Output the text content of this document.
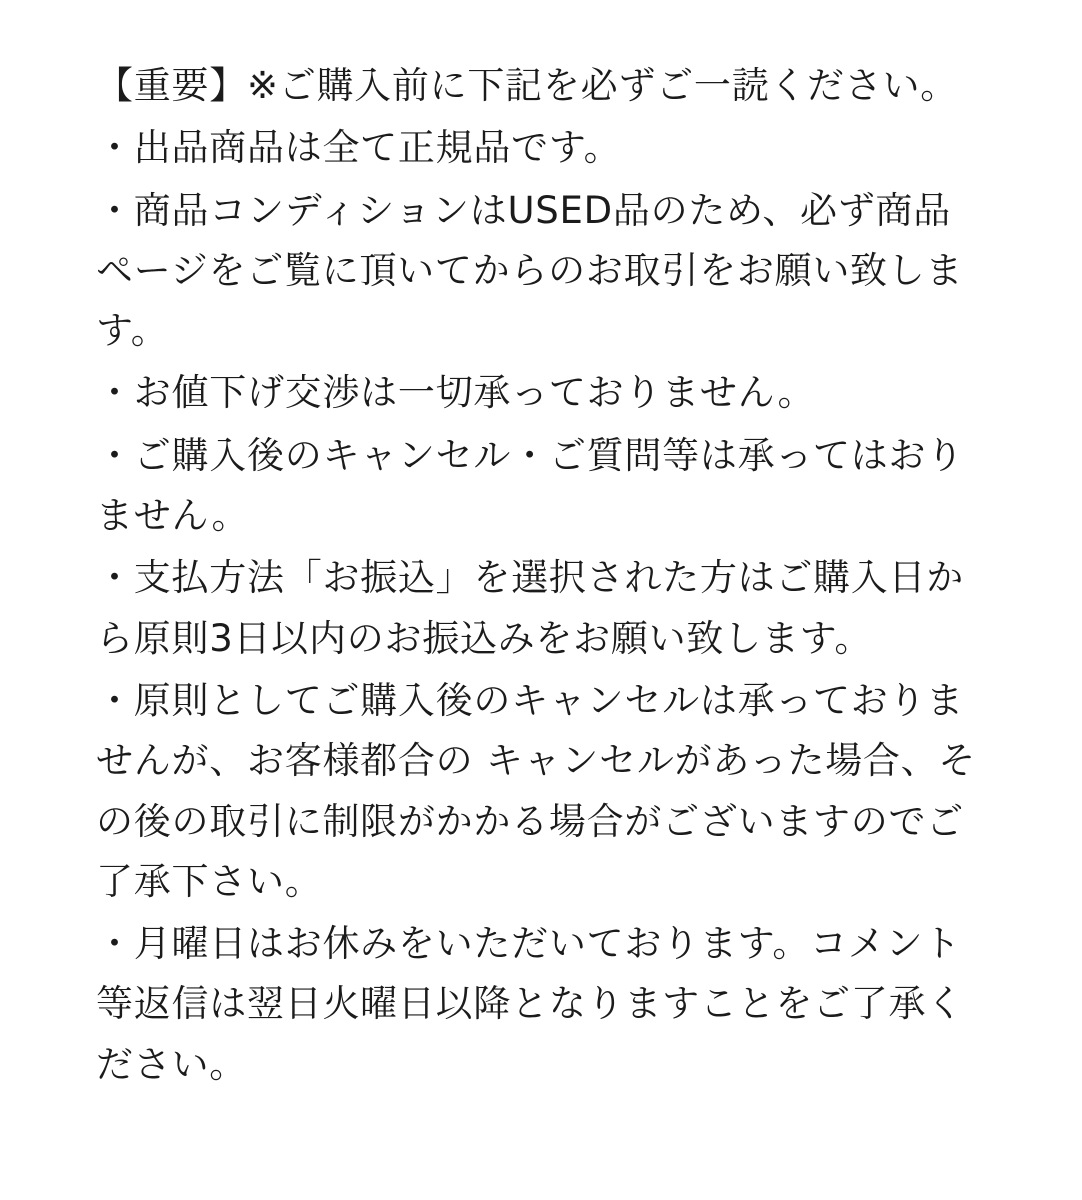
【重要】※ご購入前に下記を必ずご一読ください。

・出品商品は全て正規品です。

・商品コンディションはUSED品のため、必ず商品ページをご覧に頂いてからのお取引をお願い致します。

・お値下げ交渉は一切承っておりません。

・ご購入後のキャンセル・ご質問等は承ってはおりません。

・支払方法「お振込」を選択された方はご購入日から原則3日以内のお振込みをお願い致します。

・原則としてご購入後のキャンセルは承っておりませんが、お客様都合の キャンセルがあった場合、その後の取引に制限がかかる場合がございますのでご了承下さい。

・月曜日はお休みをいただいております。コメント等返信は翌日火曜日以降となりますことをご了承ください。
